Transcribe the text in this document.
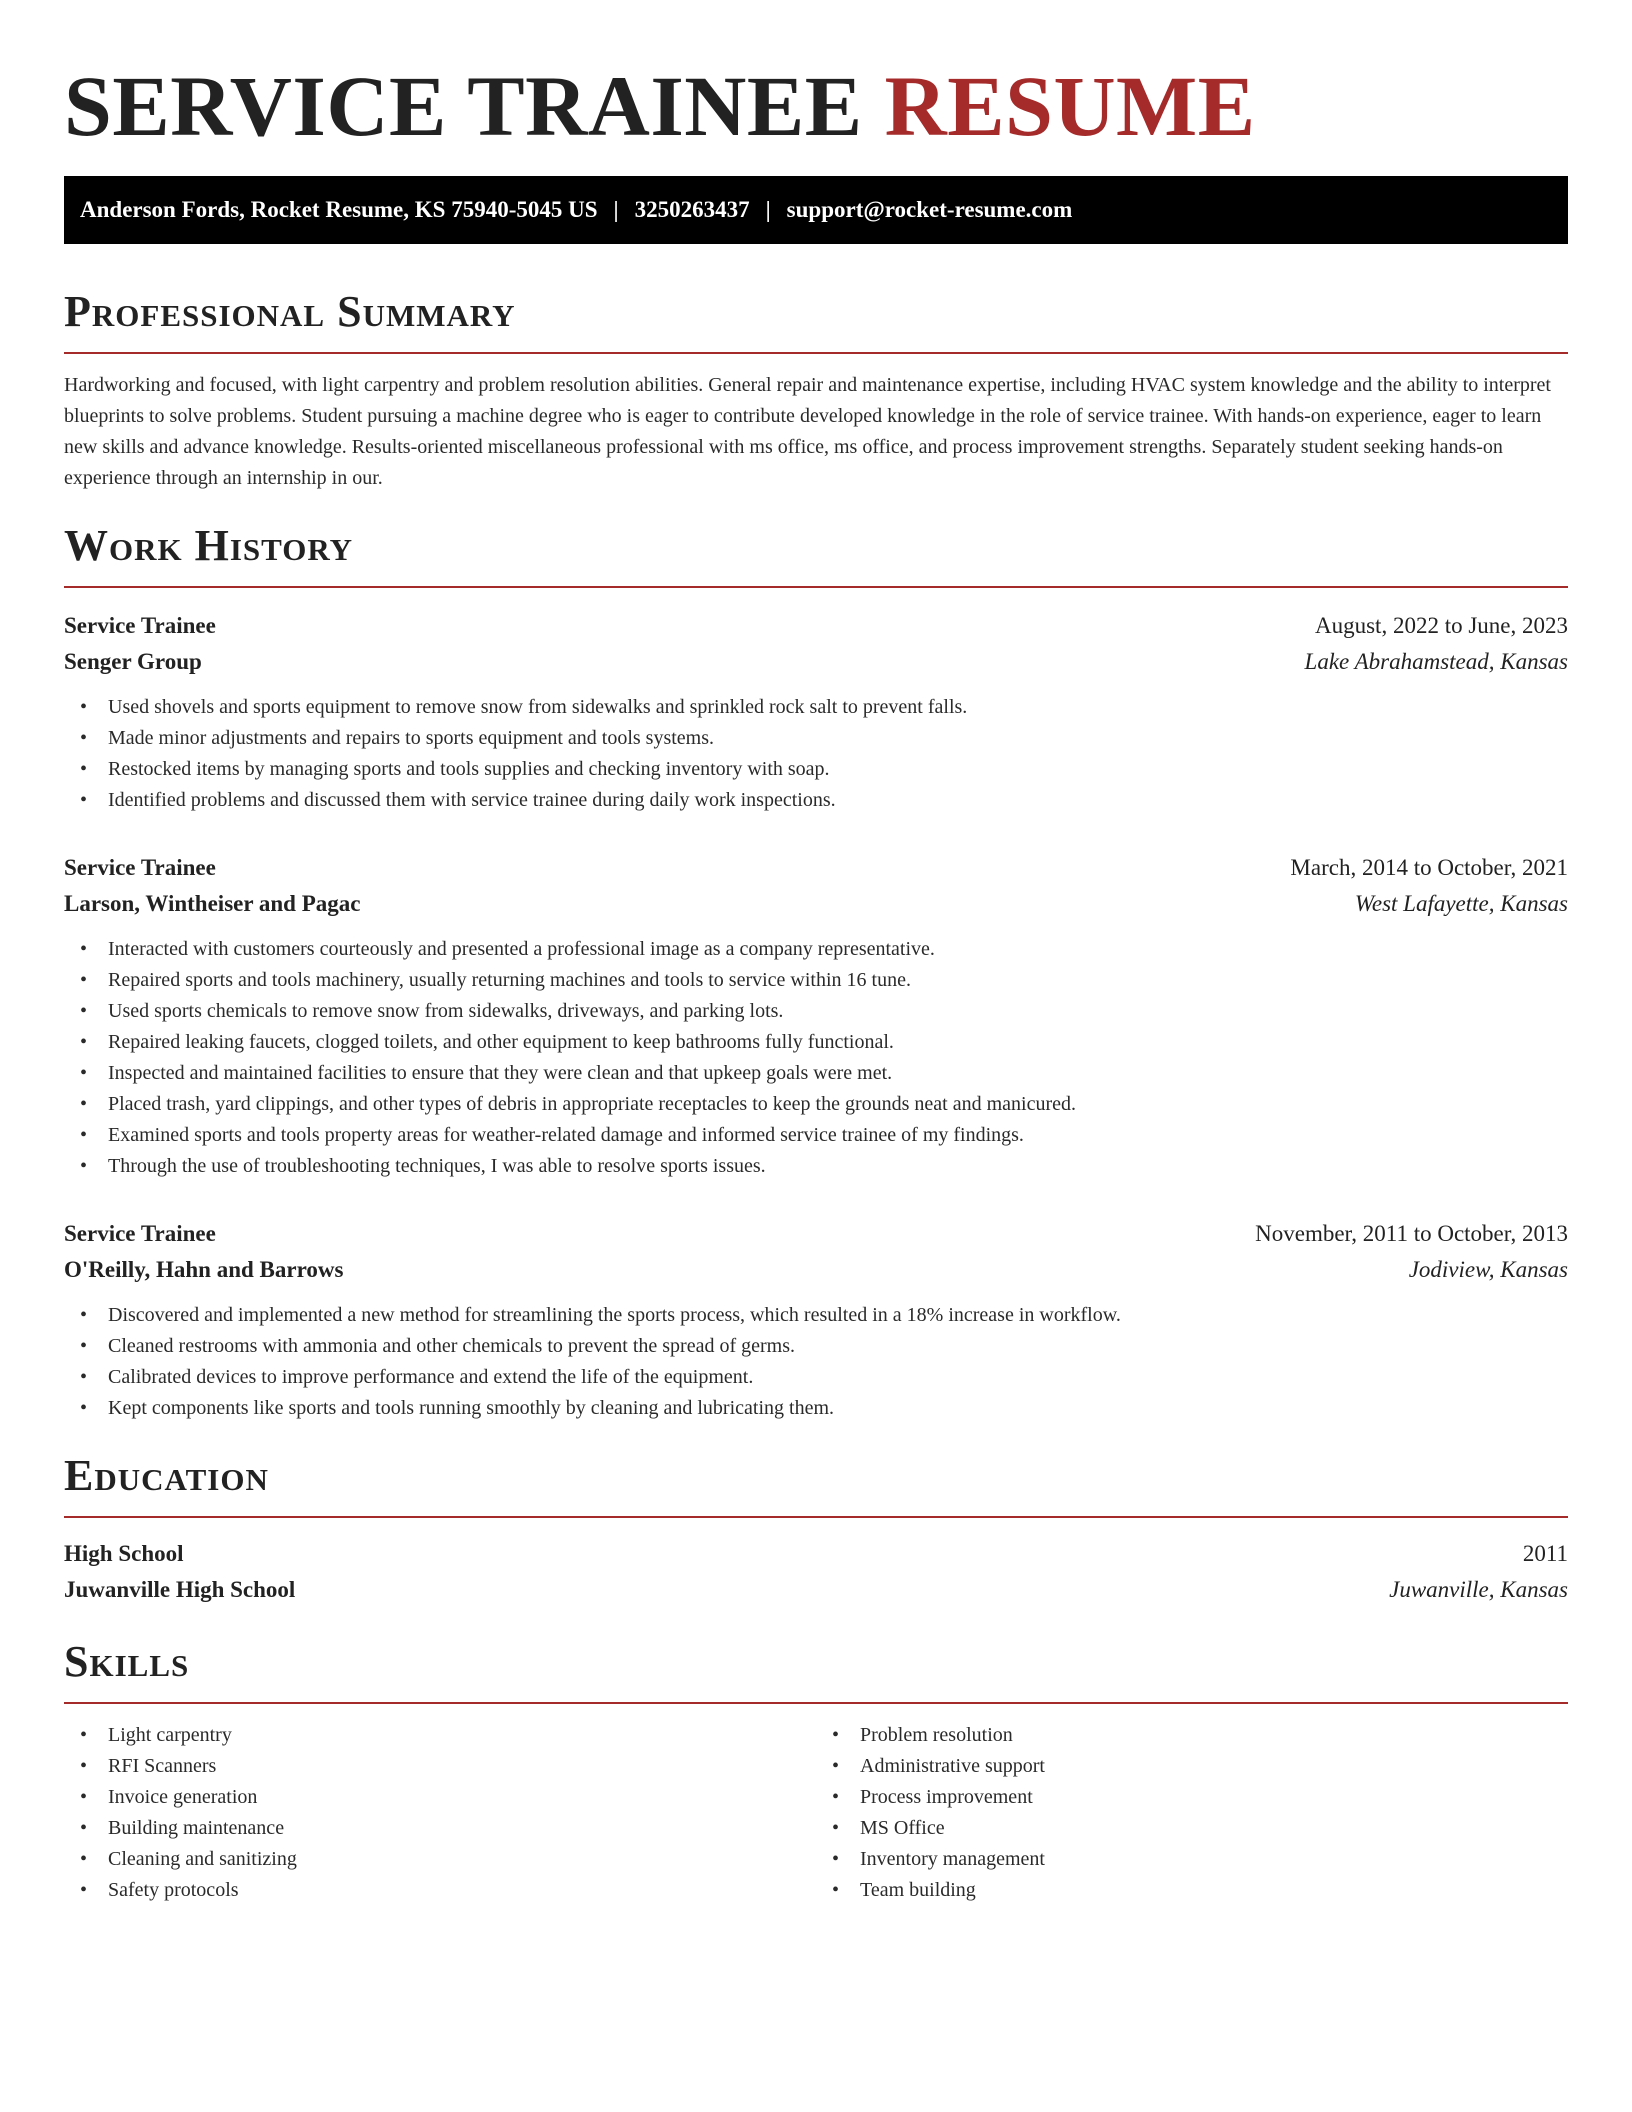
SERVICE TRAINEE RESUME
Anderson Fords, Rocket Resume, KS 75940-5045 US | 3250263437 | support@rocket-resume.com
Professional Summary

Hardworking and focused, with light carpentry and problem resolution abilities. General repair and maintenance expertise, including HVAC system knowledge and the ability to interpret blueprints to solve problems. Student pursuing a machine degree who is eager to contribute developed knowledge in the role of service trainee. With hands-on experience, eager to learn new skills and advance knowledge. Results-oriented miscellaneous professional with ms office, ms office, and process improvement strengths. Separately student seeking hands-on experience through an internship in our.

Work History
Service Trainee	August, 2022 to June, 2023
Senger Group	Lake Abrahamstead, Kansas
• Used shovels and sports equipment to remove snow from sidewalks and sprinkled rock salt to prevent falls.
• Made minor adjustments and repairs to sports equipment and tools systems.
• Restocked items by managing sports and tools supplies and checking inventory with soap.
• Identified problems and discussed them with service trainee during daily work inspections.
Service Trainee	March, 2014 to October, 2021
Larson, Wintheiser and Pagac	West Lafayette, Kansas
• Interacted with customers courteously and presented a professional image as a company representative.
• Repaired sports and tools machinery, usually returning machines and tools to service within 16 tune.
• Used sports chemicals to remove snow from sidewalks, driveways, and parking lots.
• Repaired leaking faucets, clogged toilets, and other equipment to keep bathrooms fully functional.
• Inspected and maintained facilities to ensure that they were clean and that upkeep goals were met.
• Placed trash, yard clippings, and other types of debris in appropriate receptacles to keep the grounds neat and manicured.
• Examined sports and tools property areas for weather-related damage and informed service trainee of my findings.
• Through the use of troubleshooting techniques, I was able to resolve sports issues.
Service Trainee	November, 2011 to October, 2013
O'Reilly, Hahn and Barrows	Jodiview, Kansas
• Discovered and implemented a new method for streamlining the sports process, which resulted in a 18% increase in workflow.
• Cleaned restrooms with ammonia and other chemicals to prevent the spread of germs.
• Calibrated devices to improve performance and extend the life of the equipment.
• Kept components like sports and tools running smoothly by cleaning and lubricating them.
Education
High School	2011
Juwanville High School	Juwanville, Kansas
Skills
• Light carpentry
• RFI Scanners
• Invoice generation
• Building maintenance
• Cleaning and sanitizing
• Safety protocols
• Problem resolution
• Administrative support
• Process improvement
• MS Office
• Inventory management
• Team building
